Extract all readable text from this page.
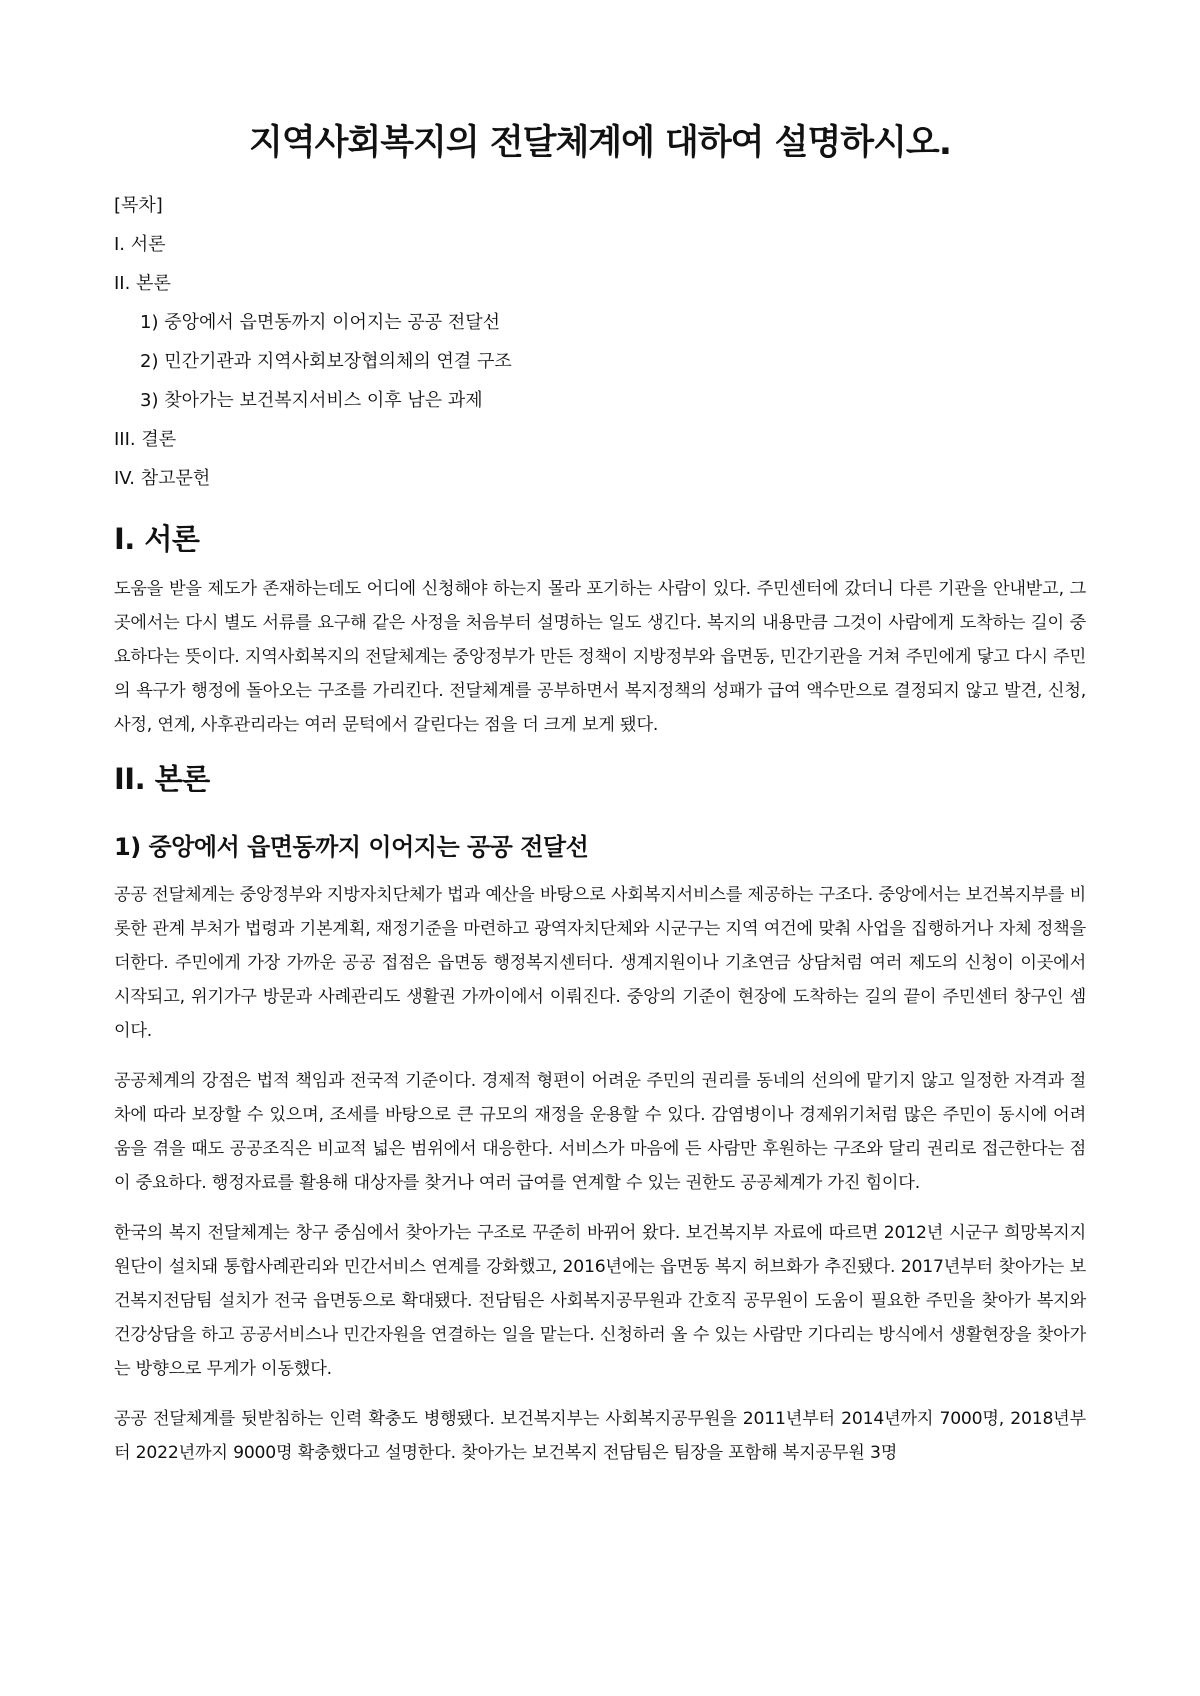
지역사회복지의 전달체계에 대하여 설명하시오.
[목차]
I. 서론
II. 본론
1) 중앙에서 읍면동까지 이어지는 공공 전달선
2) 민간기관과 지역사회보장협의체의 연결 구조
3) 찾아가는 보건복지서비스 이후 남은 과제
III. 결론
IV. 참고문헌
I. 서론

도움을 받을 제도가 존재하는데도 어디에 신청해야 하는지 몰라 포기하는 사람이 있다. 주민센터에 갔더니 다른 기관을 안내받고, 그곳에서는 다시 별도 서류를 요구해 같은 사정을 처음부터 설명하는 일도 생긴다. 복지의 내용만큼 그것이 사람에게 도착하는 길이 중요하다는 뜻이다. 지역사회복지의 전달체계는 중앙정부가 만든 정책이 지방정부와 읍면동, 민간기관을 거쳐 주민에게 닿고 다시 주민의 욕구가 행정에 돌아오는 구조를 가리킨다. 전달체계를 공부하면서 복지정책의 성패가 급여 액수만으로 결정되지 않고 발견, 신청, 사정, 연계, 사후관리라는 여러 문턱에서 갈린다는 점을 더 크게 보게 됐다.

II. 본론
1) 중앙에서 읍면동까지 이어지는 공공 전달선

공공 전달체계는 중앙정부와 지방자치단체가 법과 예산을 바탕으로 사회복지서비스를 제공하는 구조다. 중앙에서는 보건복지부를 비롯한 관계 부처가 법령과 기본계획, 재정기준을 마련하고 광역자치단체와 시군구는 지역 여건에 맞춰 사업을 집행하거나 자체 정책을 더한다. 주민에게 가장 가까운 공공 접점은 읍면동 행정복지센터다. 생계지원이나 기초연금 상담처럼 여러 제도의 신청이 이곳에서 시작되고, 위기가구 방문과 사례관리도 생활권 가까이에서 이뤄진다. 중앙의 기준이 현장에 도착하는 길의 끝이 주민센터 창구인 셈이다.

공공체계의 강점은 법적 책임과 전국적 기준이다. 경제적 형편이 어려운 주민의 권리를 동네의 선의에 맡기지 않고 일정한 자격과 절차에 따라 보장할 수 있으며, 조세를 바탕으로 큰 규모의 재정을 운용할 수 있다. 감염병이나 경제위기처럼 많은 주민이 동시에 어려움을 겪을 때도 공공조직은 비교적 넓은 범위에서 대응한다. 서비스가 마음에 든 사람만 후원하는 구조와 달리 권리로 접근한다는 점이 중요하다. 행정자료를 활용해 대상자를 찾거나 여러 급여를 연계할 수 있는 권한도 공공체계가 가진 힘이다.

한국의 복지 전달체계는 창구 중심에서 찾아가는 구조로 꾸준히 바뀌어 왔다. 보건복지부 자료에 따르면 2012년 시군구 희망복지지원단이 설치돼 통합사례관리와 민간서비스 연계를 강화했고, 2016년에는 읍면동 복지 허브화가 추진됐다. 2017년부터 찾아가는 보건복지전담팀 설치가 전국 읍면동으로 확대됐다. 전담팀은 사회복지공무원과 간호직 공무원이 도움이 필요한 주민을 찾아가 복지와 건강상담을 하고 공공서비스나 민간자원을 연결하는 일을 맡는다. 신청하러 올 수 있는 사람만 기다리는 방식에서 생활현장을 찾아가는 방향으로 무게가 이동했다.

공공 전달체계를 뒷받침하는 인력 확충도 병행됐다. 보건복지부는 사회복지공무원을 2011년부터 2014년까지 7000명, 2018년부터 2022년까지 9000명 확충했다고 설명한다. 찾아가는 보건복지 전담팀은 팀장을 포함해 복지공무원 3명
